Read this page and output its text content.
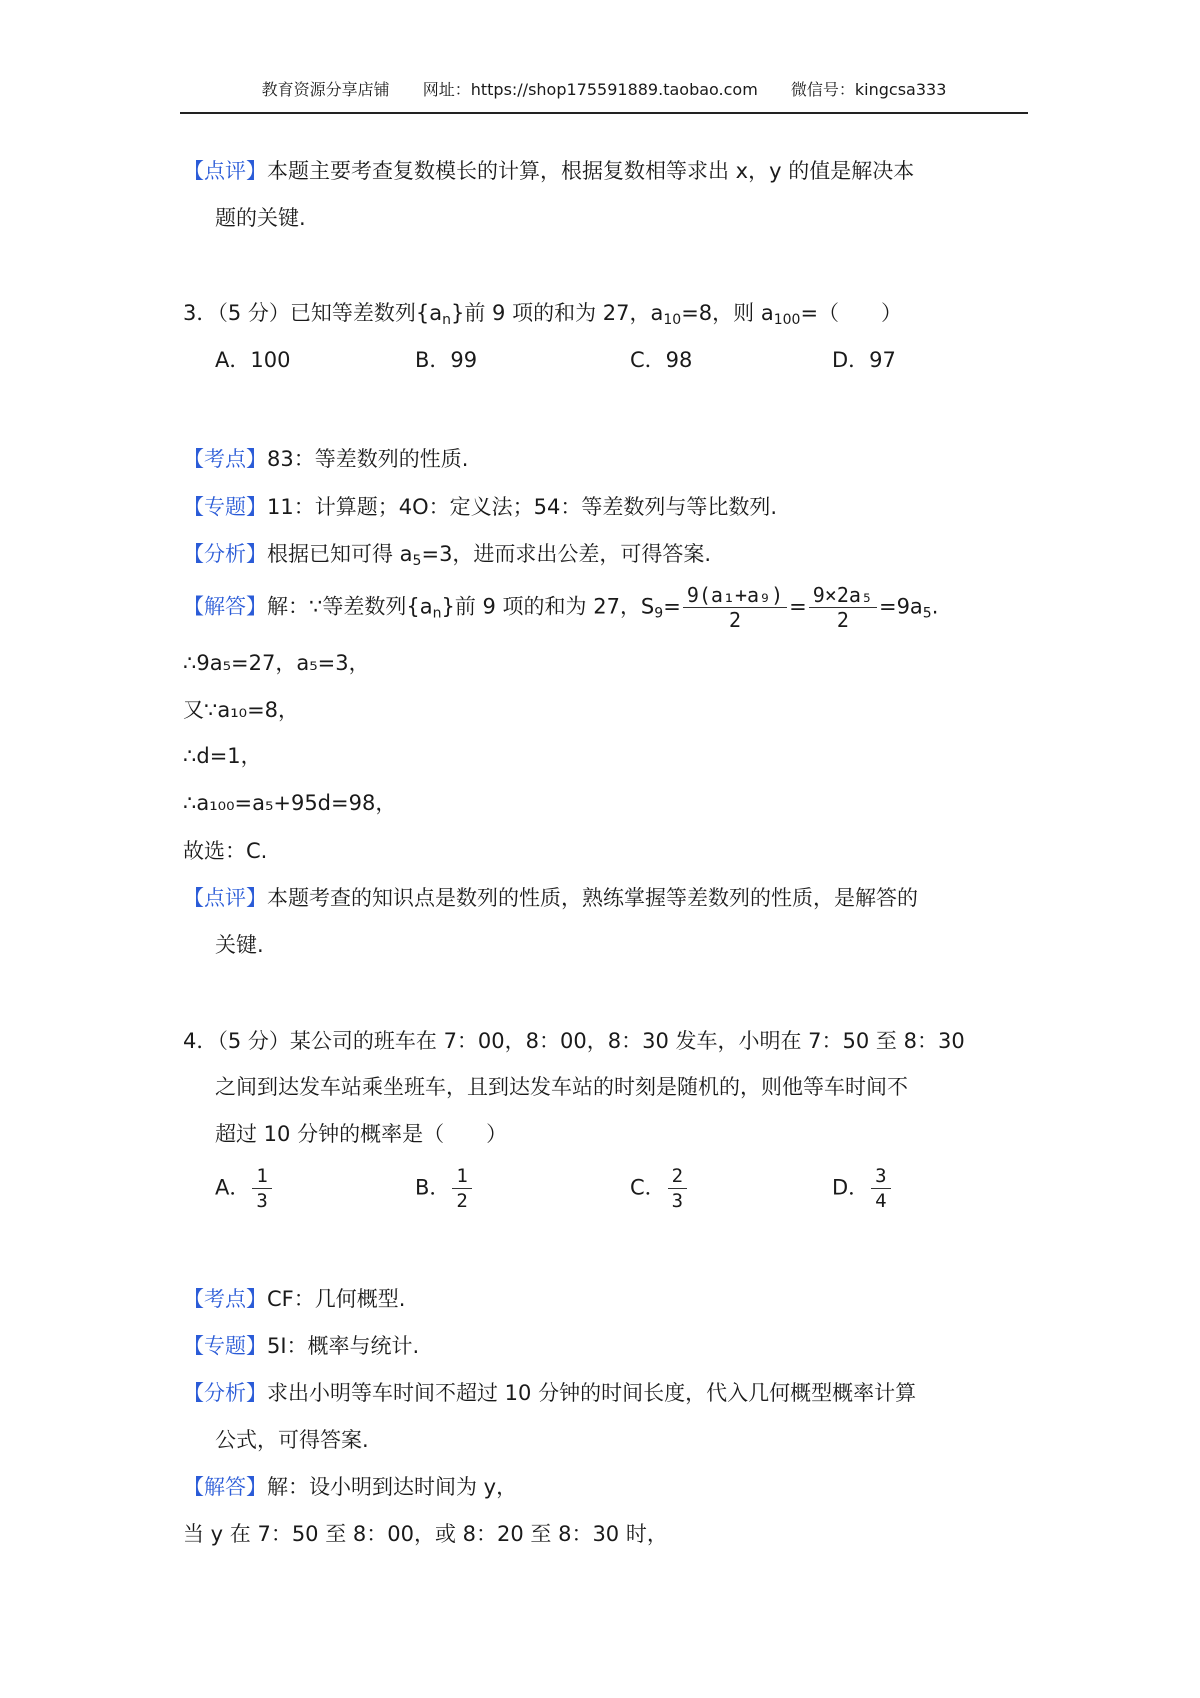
教育资源分享店铺 网址：https://shop175591889.taobao.com 微信号：kingcsa333
【点评】本题主要考查复数模长的计算，根据复数相等求出 x，y 的值是解决本
题的关键.
3．（5 分）已知等差数列$\{a_n\}$前 9 项的和为 27，$a_{10}=8$，则 $a_{100}=$（　　）
A．100	B．99	C．98	D．97
【考点】83：等差数列的性质.
【专题】11：计算题；4O：定义法；54：等差数列与等比数列.
【分析】根据已知可得 $a_5=3$，进而求出公差，可得答案.
【解答】解：∵等差数列$\{a_n\}$前 9 项的和为 27，$S_9= \frac{\text{9(a₁+a₉)}}{2} = \frac{\text{9×2a₅}}{2} =9a_5$.
∴9a₅=27，a₅=3，
又∵a₁₀=8，
∴d=1，
∴a₁₀₀=a₅+95d=98，
故选：C.
【点评】本题考查的知识点是数列的性质，熟练掌握等差数列的性质，是解答的
关键.
4．（5 分）某公司的班车在 7：00，8：00，8：30 发车，小明在 7：50 至 8：30
之间到达发车站乘坐班车，且到达发车站的时刻是随机的，则他等车时间不
超过 10 分钟的概率是（　　）
A． $\frac{1}{3}$	B． $\frac{1}{2}$	C． $\frac{2}{3}$	D． $\frac{3}{4}$
【考点】CF：几何概型.
【专题】5I：概率与统计.
【分析】求出小明等车时间不超过 10 分钟的时间长度，代入几何概型概率计算
公式，可得答案.
【解答】解：设小明到达时间为 y，
当 y 在 7：50 至 8：00，或 8：20 至 8：30 时，
